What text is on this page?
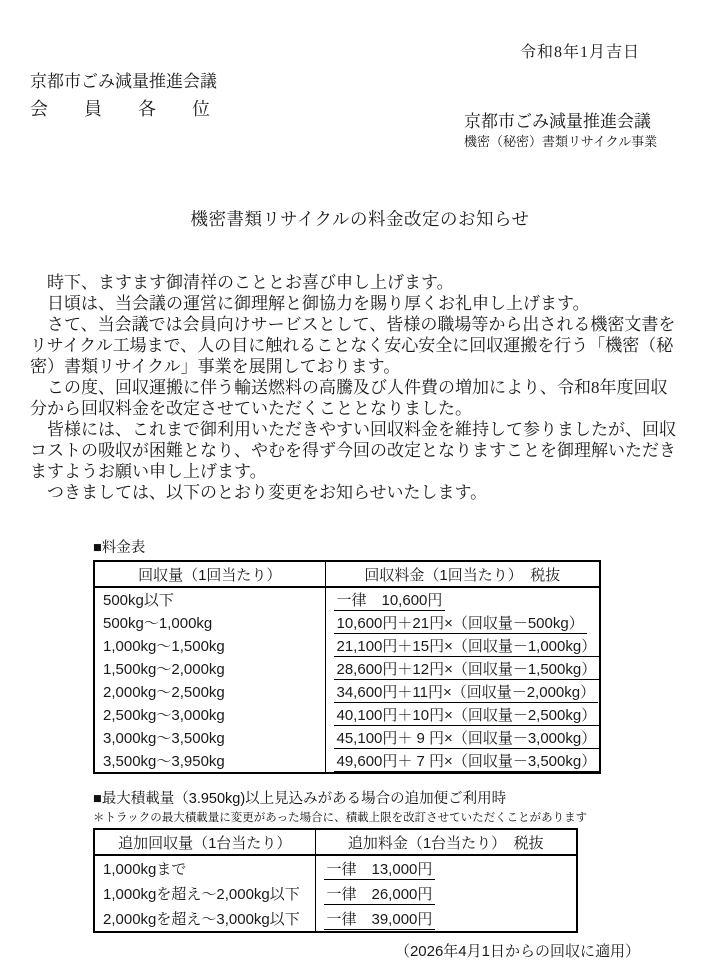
令和8年1月吉日
京都市ごみ減量推進会議
会　　員　　各　　位
京都市ごみ減量推進会議
機密（秘密）書類リサイクル事業
機密書類リサイクルの料金改定のお知らせ
　時下、ますます御清祥のこととお喜び申し上げます。
　日頃は、当会議の運営に御理解と御協力を賜り厚くお礼申し上げます。
　さて、当会議では会員向けサービスとして、皆様の職場等から出される機密文書を
リサイクル工場まで、人の目に触れることなく安心安全に回収運搬を行う「機密（秘
密）書類リサイクル」事業を展開しております。
　この度、回収運搬に伴う輸送燃料の高騰及び人件費の増加により、令和8年度回収
分から回収料金を改定させていただくこととなりました。
　皆様には、これまで御利用いただきやすい回収料金を維持して参りましたが、回収
コストの吸収が困難となり、やむを得ず今回の改定となりますことを御理解いただき
ますようお願い申し上げます。
　つきましては、以下のとおり変更をお知らせいたします。
■料金表
回収量（1回当たり）	回収料金（1回当たり）　税抜
500kg以下	一律　10,600円
500kg～1,000kg	10,600円＋21円×（回収量－500kg）
1,000kg～1,500kg	21,100円＋15円×（回収量－1,000kg）
1,500kg～2,000kg	28,600円＋12円×（回収量－1,500kg）
2,000kg～2,500kg	34,600円＋11円×（回収量－2,000kg）
2,500kg～3,000kg	40,100円＋10円×（回収量－2,500kg）
3,000kg～3,500kg	45,100円＋ 9 円×（回収量－3,000kg）
3,500kg～3,950kg	49,600円＋ 7 円×（回収量－3,500kg）
■最大積載量（3.950kg)以上見込みがある場合の追加便ご利用時
＊トラックの最大積載量に変更があった場合に、積載上限を改訂させていただくことがあります
追加回収量（1台当たり）	追加料金（1台当たり）　税抜
1,000kgまで	一律　13,000円
1,000kgを超え～2,000kg以下	一律　26,000円
2,000kgを超え～3,000kg以下	一律　39,000円
（2026年4月1日からの回収に適用）
